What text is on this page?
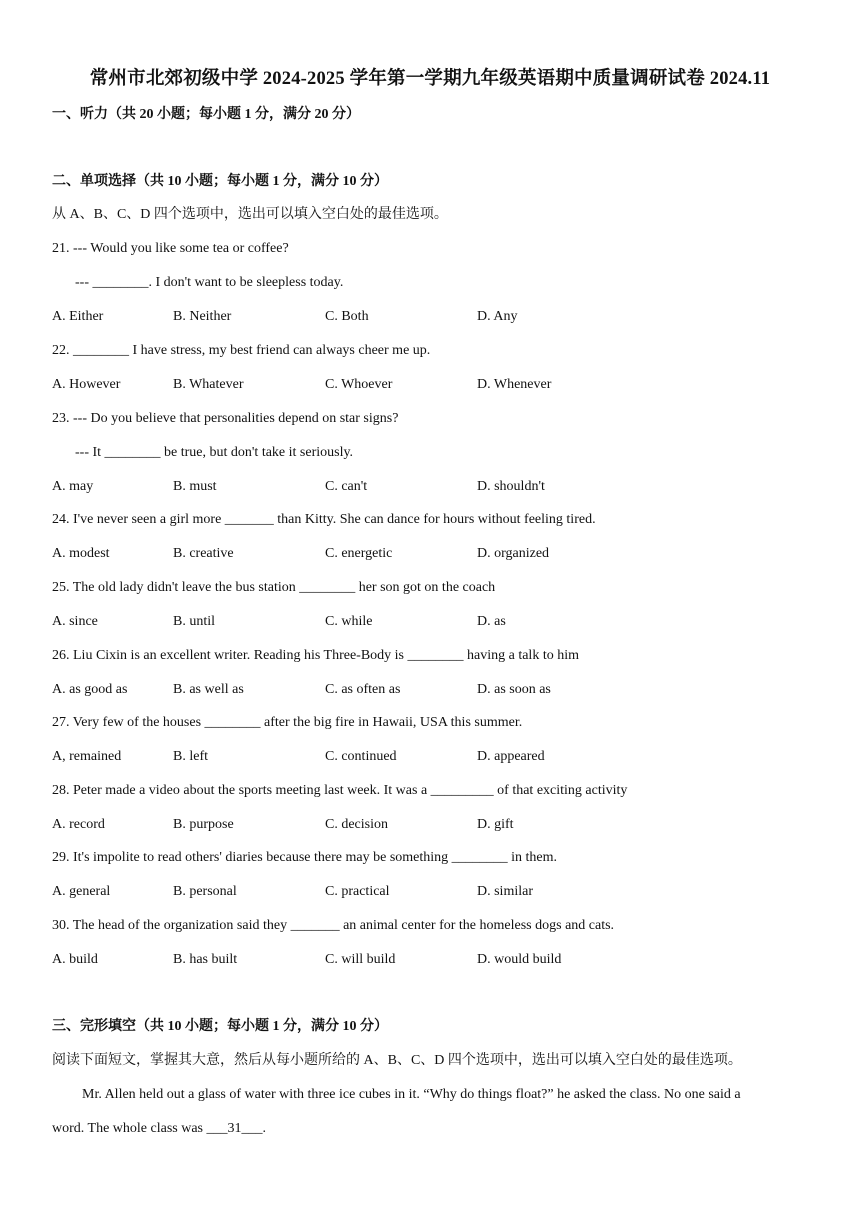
常州市北郊初级中学 2024-2025 学年第一学期九年级英语期中质量调研试卷 2024.11
一、听力（共 20 小题；每小题 1 分，满分 20 分）
二、单项选择（共 10 小题；每小题 1 分，满分 10 分）
从 A、B、C、D 四个选项中，选出可以填入空白处的最佳选项。
21. --- Would you like some tea or coffee?
--- ________. I don't want to be sleepless today.
A. Either	B. Neither	C. Both	D. Any
22. ________ I have stress, my best friend can always cheer me up.
A. However	B. Whatever	C. Whoever	D. Whenever
23. --- Do you believe that personalities depend on star signs?
--- It ________ be true, but don't take it seriously.
A. may	B. must	C. can't	D. shouldn't
24. I've never seen a girl more _______ than Kitty. She can dance for hours without feeling tired.
A. modest	B. creative	C. energetic	D. organized
25. The old lady didn't leave the bus station ________ her son got on the coach
A. since	B. until	C. while	D. as
26. Liu Cixin is an excellent writer. Reading his Three-Body is ________ having a talk to him
A. as good as	B. as well as	C. as often as	D. as soon as
27. Very few of the houses ________ after the big fire in Hawaii, USA this summer.
A, remained	B. left	C. continued	D. appeared
28. Peter made a video about the sports meeting last week. It was a _________ of that exciting activity
A. record	B. purpose	C. decision	D. gift
29. It's impolite to read others' diaries because there may be something ________ in them.
A. general	B. personal	C. practical	D. similar
30. The head of the organization said they _______ an animal center for the homeless dogs and cats.
A. build	B. has built	C. will build	D. would build
三、完形填空（共 10 小题；每小题 1 分，满分 10 分）
阅读下面短文，掌握其大意，然后从每小题所给的 A、B、C、D 四个选项中，选出可以填入空白处的最佳选项。
Mr. Allen held out a glass of water with three ice cubes in it. “Why do things float?” he asked the class. No one said a
word. The whole class was ___31___.
